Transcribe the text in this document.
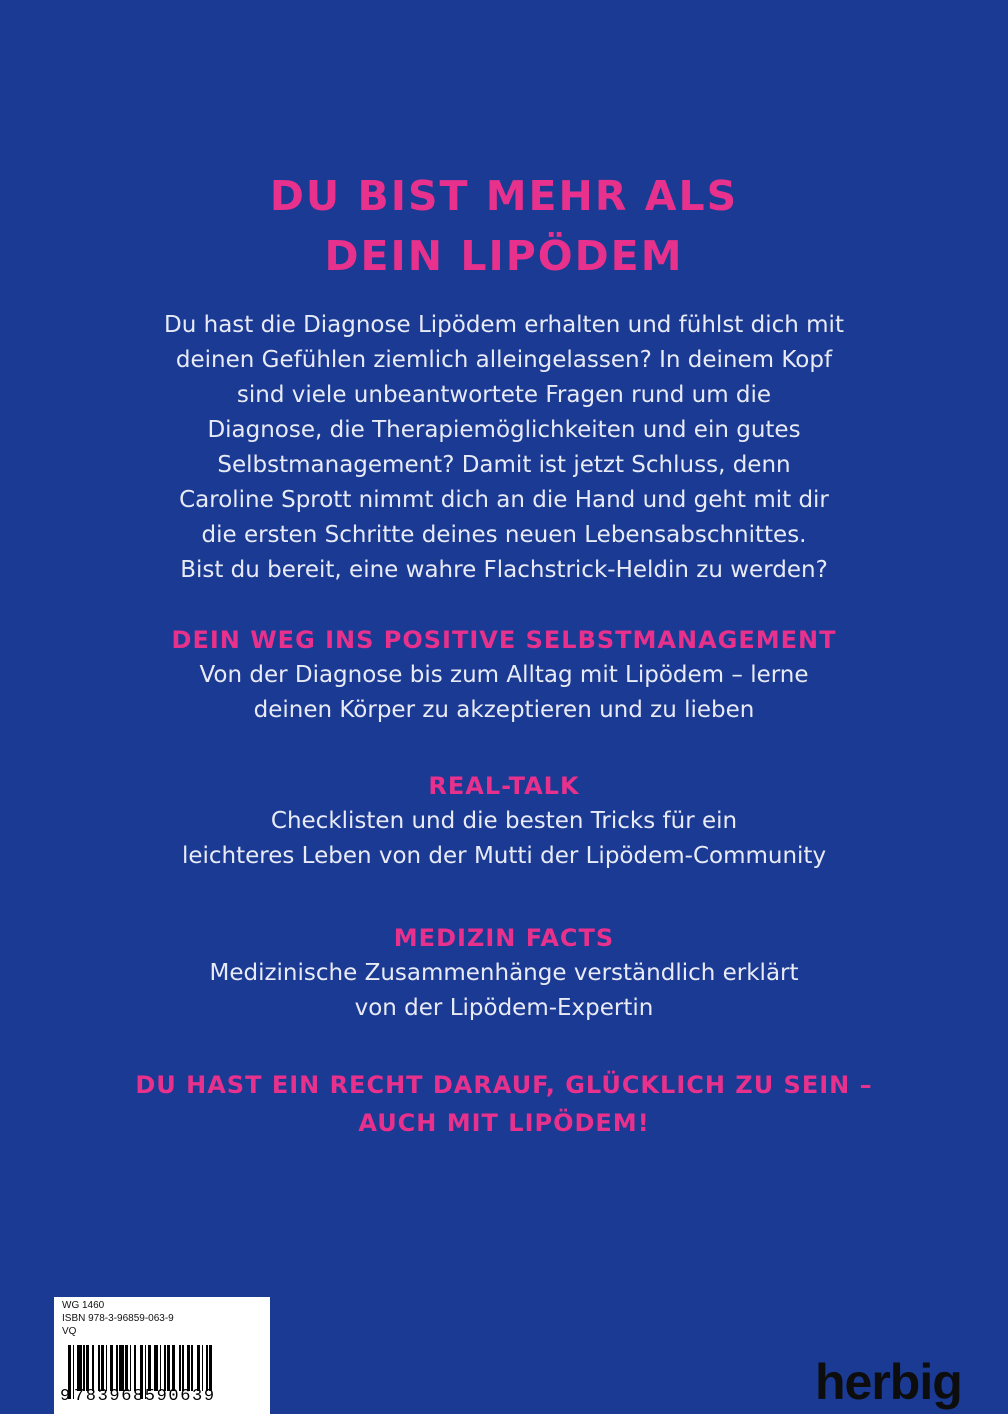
DU BIST MEHR ALS
DEIN LIPÖDEM

Du hast die Diagnose Lipödem erhalten und fühlst dich mit
deinen Gefühlen ziemlich alleingelassen? In deinem Kopf
sind viele unbeantwortete Fragen rund um die
Diagnose, die Therapiemöglichkeiten und ein gutes
Selbstmanagement? Damit ist jetzt Schluss, denn
Caroline Sprott nimmt dich an die Hand und geht mit dir
die ersten Schritte deines neuen Lebensabschnittes.
Bist du bereit, eine wahre Flachstrick-Heldin zu werden?

DEIN WEG INS POSITIVE SELBSTMANAGEMENT

Von der Diagnose bis zum Alltag mit Lipödem – lerne
deinen Körper zu akzeptieren und zu lieben

REAL-TALK

Checklisten und die besten Tricks für ein
leichteres Leben von der Mutti der Lipödem-Community

MEDIZIN FACTS

Medizinische Zusammenhänge verständlich erklärt
von der Lipödem-Expertin

DU HAST EIN RECHT DARAUF, GLÜCKLICH ZU SEIN –
AUCH MIT LIPÖDEM!

WG 1460
ISBN 978-3-96859-063-9
VQ
9 783968590639	herbig
